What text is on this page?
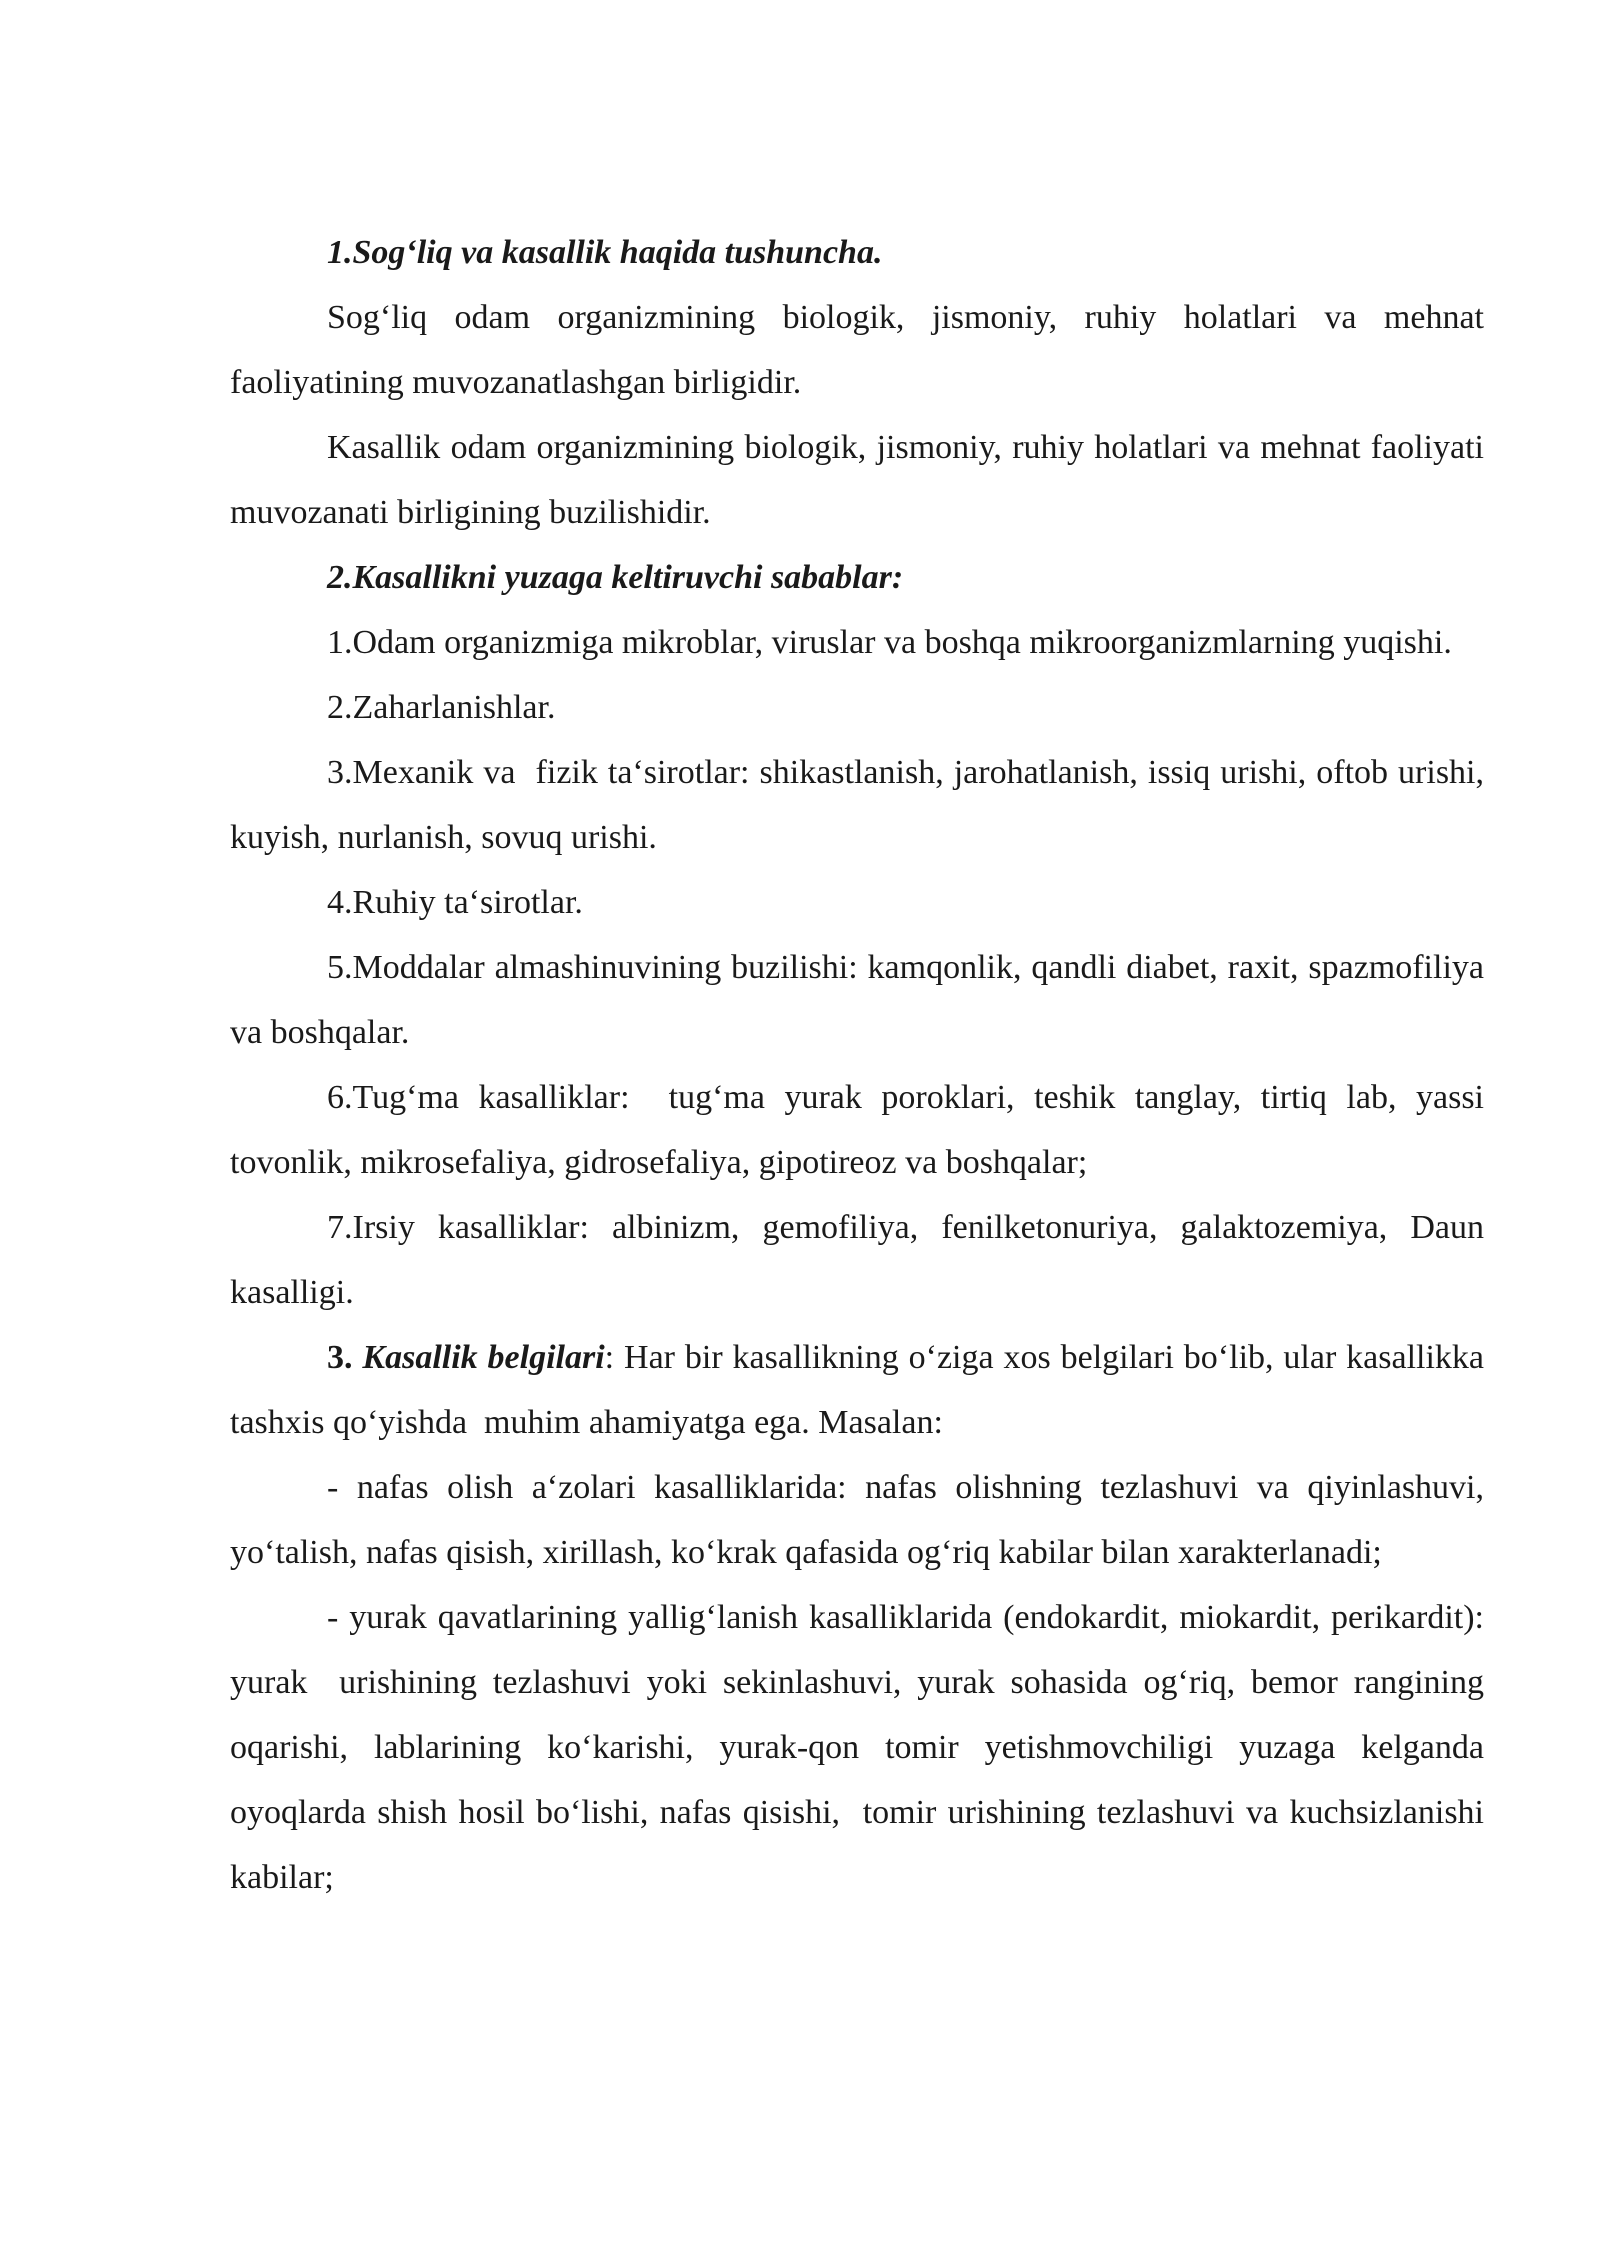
1.Sog‘liq va kasallik haqida tushuncha.

Sog‘liq odam organizmining biologik, jismoniy, ruhiy holatlari va mehnat faoliyatining muvozanatlashgan birligidir.

Kasallik odam organizmining biologik, jismoniy, ruhiy holatlari va mehnat faoliyati muvozanati birligining buzilishidir.

2.Kasallikni yuzaga keltiruvchi sabablar:

1.Odam organizmiga mikroblar, viruslar va boshqa mikroorganizmlarning yuqishi.

2.Zaharlanishlar.

3.Mexanik va  fizik ta‘sirotlar: shikastlanish, jarohatlanish, issiq urishi, oftob urishi, kuyish, nurlanish, sovuq urishi.

4.Ruhiy ta‘sirotlar.

5.Moddalar almashinuvining buzilishi: kamqonlik, qandli diabet, raxit, spazmofiliya va boshqalar.

6.Tug‘ma kasalliklar:  tug‘ma yurak poroklari, teshik tanglay, tirtiq lab, yassi tovonlik, mikrosefaliya, gidrosefaliya, gipotireoz va boshqalar;

7.Irsiy kasalliklar: albinizm, gemofiliya, fenilketonuriya, galaktozemiya, Daun kasalligi.

3. Kasallik belgilari: Har bir kasallikning o‘ziga xos belgilari bo‘lib, ular kasallikka tashxis qo‘yishda  muhim ahamiyatga ega. Masalan:

- nafas olish a‘zolari kasalliklarida: nafas olishning tezlashuvi va qiyinlashuvi, yo‘talish, nafas qisish, xirillash, ko‘krak qafasida og‘riq kabilar bilan xarakterlanadi;

- yurak qavatlarining yallig‘lanish kasalliklarida (endokardit, miokardit, perikardit): yurak  urishining tezlashuvi yoki sekinlashuvi, yurak sohasida og‘riq, bemor rangining oqarishi, lablarining ko‘karishi, yurak-qon tomir yetishmovchiligi yuzaga kelganda oyoqlarda shish hosil bo‘lishi, nafas qisishi,  tomir urishining tezlashuvi va kuchsizlanishi kabilar;
